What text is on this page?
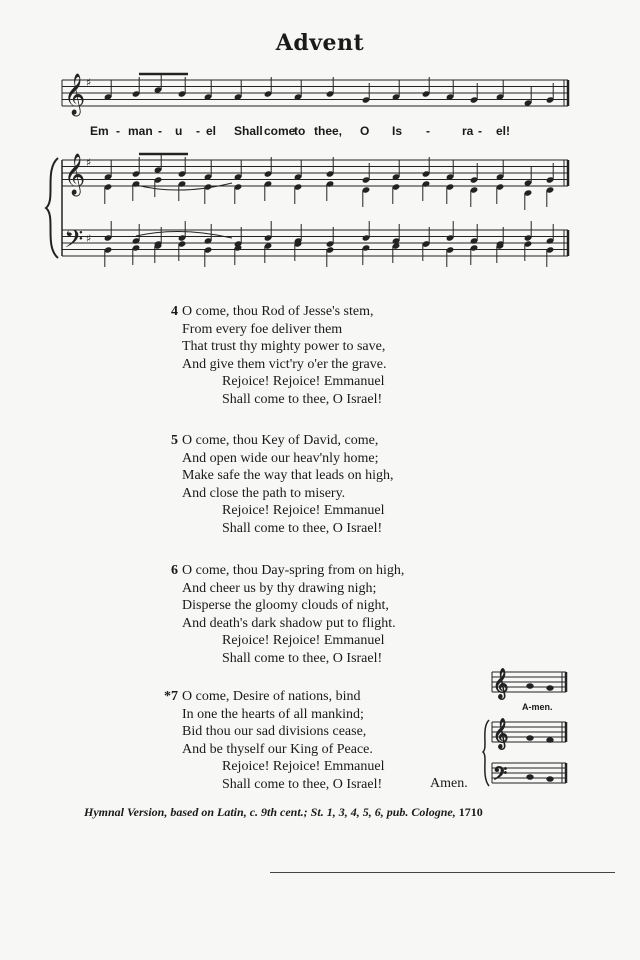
Advent
𝄞
𝄞
𝄢
♯
♯
♯
𝄞
𝄞
𝄢
Em - man - u - el Shall come
to thee, O Is -	ra - el!
4 O come, thou Rod of Jesse's stem,
From every foe deliver them
That trust thy mighty power to save,
And give them vict'ry o'er the grave.
Rejoice! Rejoice! Emmanuel
Shall come to thee, O Israel!
5 O come, thou Key of David, come,
And open wide our heav'nly home;
Make safe the way that leads on high,
And close the path to misery.
Rejoice! Rejoice! Emmanuel
Shall come to thee, O Israel!
6 O come, thou Day-spring from on high,
And cheer us by thy drawing nigh;
Disperse the gloomy clouds of night,
And death's dark shadow put to flight.
Rejoice! Rejoice! Emmanuel
Shall come to thee, O Israel!
*7 O come, Desire of nations, bind
In one the hearts of all mankind;
Bid thou our sad divisions cease,
And be thyself our King of Peace.
Rejoice! Rejoice! Emmanuel
Shall come to thee, O Israel!	Amen.
A-men.
Hymnal Version, based on Latin, c. 9th cent.; St. 1, 3, 4, 5, 6, pub. Cologne, 1710
